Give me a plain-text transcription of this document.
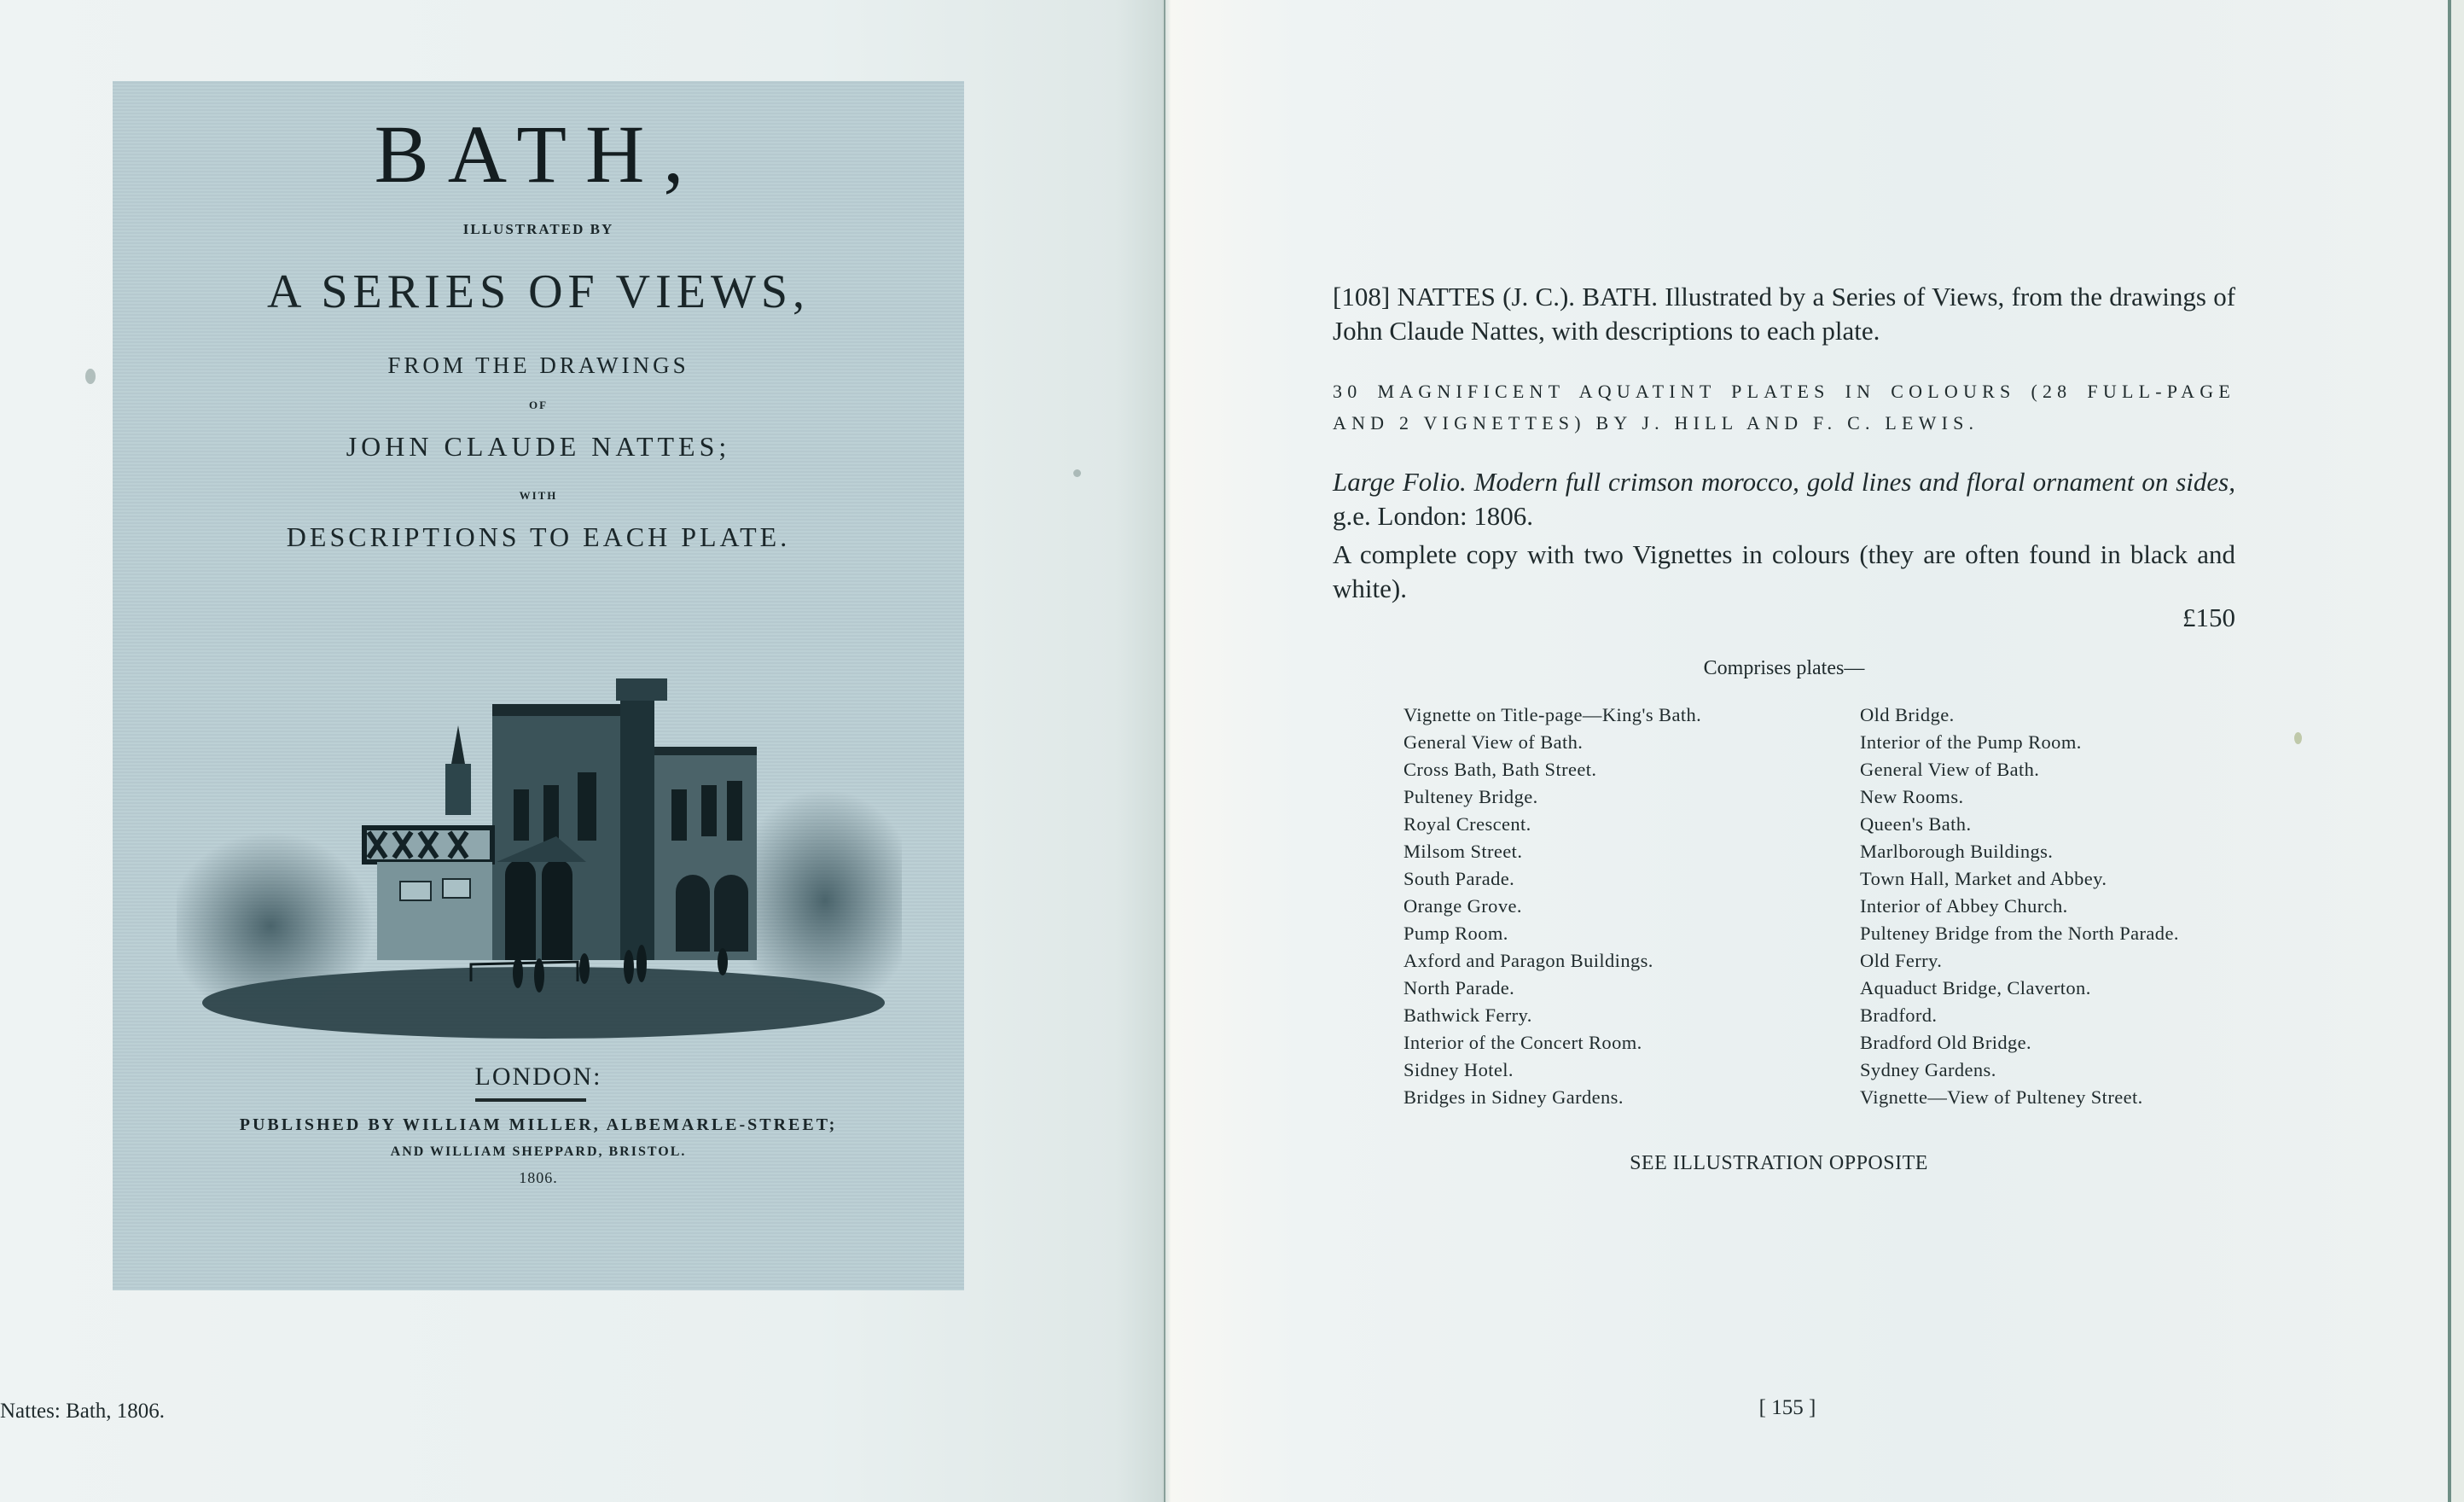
BATH,
ILLUSTRATED BY
A SERIES OF VIEWS,
FROM THE DRAWINGS
OF
JOHN CLAUDE NATTES;
WITH
DESCRIPTIONS TO EACH PLATE.
LONDON:
PUBLISHED BY WILLIAM MILLER, ALBEMARLE-STREET;
AND WILLIAM SHEPPARD, BRISTOL.
1806.
Nattes: Bath, 1806.
[108] NATTES (J. C.). BATH. Illustrated by a Series of Views, from the drawings of John Claude Nattes, with descriptions to each plate.
30 MAGNIFICENT AQUATINT PLATES IN COLOURS (28 FULL-PAGE AND 2 VIGNETTES) BY J. HILL AND F. C. LEWIS.
Large Folio. Modern full crimson morocco, gold lines and floral ornament on sides, g.e. London: 1806.
A complete copy with two Vignettes in colours (they are often found in black and white).
£150
Comprises plates—
Vignette on Title-page—King's Bath.
General View of Bath.
Cross Bath, Bath Street.
Pulteney Bridge.
Royal Crescent.
Milsom Street.
South Parade.
Orange Grove.
Pump Room.
Axford and Paragon Buildings.
North Parade.
Bathwick Ferry.
Interior of the Concert Room.
Sidney Hotel.
Bridges in Sidney Gardens.
Old Bridge.
Interior of the Pump Room.
General View of Bath.
New Rooms.
Queen's Bath.
Marlborough Buildings.
Town Hall, Market and Abbey.
Interior of Abbey Church.
Pulteney Bridge from the North Parade.
Old Ferry.
Aquaduct Bridge, Claverton.
Bradford.
Bradford Old Bridge.
Sydney Gardens.
Vignette—View of Pulteney Street.
SEE ILLUSTRATION OPPOSITE
[ 155 ]
